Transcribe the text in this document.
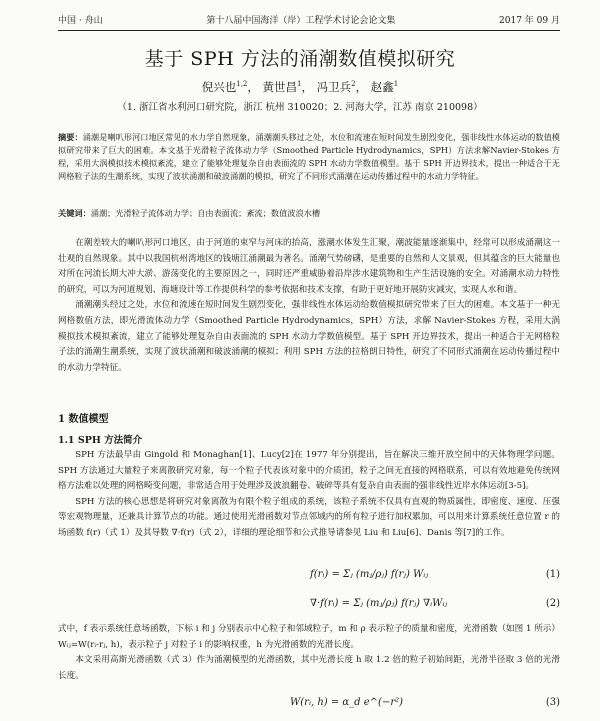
中国 · 舟山	第十八届中国海洋（岸）工程学术讨论会论文集	2017 年 09 月
基于 SPH 方法的涌潮数值模拟研究
倪兴也$^{1,2}$， 黄世昌$^1$， 冯卫兵$^2$， 赵鑫$^1$
（1. 浙江省水利河口研究院，浙江 杭州 310020；2. 河海大学，江苏 南京 210098）
摘要：涌潮是喇叭形河口地区常见的水力学自然现象，涌潮潮头移过之处，水位和流速在短时间发生剧烈变化，强非线性水体运动的数值模拟研究带来了巨大的困难。本文基于光滑粒子流体动力学（Smoothed Particle Hydrodynamics，SPH）方法求解Navier-Stokes 方程，采用大涡模拟技术模拟紊流，建立了能够处理复杂自由表面流的 SPH 水动力学数值模型。基于 SPH 开边界技术，提出一种适合于无网格粒子法的生潮系统，实现了波状涌潮和破波涌潮的模拟，研究了不同形式涌潮在运动传播过程中的水动力学特征。
关键词：涌潮；光滑粒子流体动力学；自由表面流；紊流；数值波浪水槽

在潮差较大的喇叭形河口地区，由于河道的束窄与河床的抬高，涨潮水体发生汇聚，潮波能量逐渐集中，经常可以形成涌潮这一壮观的自然现象。其中以我国杭州湾地区的钱塘江涌潮最为著名。涌潮气势磅礴，是重要的自然和人文景观，但其蕴含的巨大能量也对所在河流长期大冲大淤、游荡变化的主要原因之一，同时还严重威胁着沿岸涉水建筑物和生产生活设施的安全。对涌潮水动力特性的研究，可以为河道规划、海塘设计等工作提供科学的参考依据和技术支撑，有助于更好地开展防灾减灾，实现人水和谐。

涌潮潮头经过之处，水位和流速在短时间发生剧烈变化，强非线性水体运动给数值模拟研究带来了巨大的困难。本文基于一种无网格数值方法，即光滑流体动力学（Smoothed Particle Hydrodynamics，SPH）方法，求解 Navier-Stokes 方程，采用大涡模拟技术模拟紊流，建立了能够处理复杂自由表面流的 SPH 水动力学数值模型。基于 SPH 开边界技术，提出一种适合于无网格粒子法的涌潮生潮系统，实现了波状涌潮和破波涌潮的模拟；利用 SPH 方法的拉格朗日特性，研究了不同形式涌潮在运动传播过程中的水动力学特征。

1 数值模型
1.1 SPH 方法简介

SPH 方法最早由 Gingold 和 Monaghan[1]、Lucy[2]在 1977 年分别提出，旨在解决三维开放空间中的天体物理学问题。SPH 方法通过大量粒子来离散研究对象，每一个粒子代表该对象中的介质团，粒子之间无直接的网格联系，可以有效地避免传统网格方法难以处理的网格畸变问题，非常适合用于处理涉及波浪翻卷、破碎等具有复杂自由表面的强非线性近岸水体运动[3-5]。

SPH 方法的核心思想是将研究对象离散为有限个粒子组成的系统，该粒子系统不仅具有直观的物质属性，即密度、速度、压强等宏观物理量，还兼具计算节点的功能。通过使用光滑函数对节点邻域内的所有粒子进行加权累加，可以用来计算系统任意位置 r 的场函数 f(r)（式 1）及其导数 ∇·f(r)（式 2），详细的理论细节和公式推导请参见 Liu 和 Liu[6]、Danis 等[7]的工作。

f(rᵢ) = Σⱼ (mⱼ/ρⱼ) f(rⱼ) Wᵢⱼ	(1)
∇·f(rᵢ) = Σⱼ (mⱼ/ρⱼ) f(rⱼ) ∇ᵢWᵢⱼ	(2)

式中，f 表示系统任意场函数，下标 i 和 j 分别表示中心粒子和邻域粒子，m 和 ρ 表示粒子的质量和密度，光滑函数（如图 1 所示）Wᵢⱼ=W(rᵢ-rⱼ, h)，表示粒子 j 对粒子 i 的影响权重，h 为光滑函数的光滑长度。

本文采用高斯光滑函数（式 3）作为涌潮模型的光滑函数，其中光滑长度 h 取 1.2 倍的粒子初始间距，光滑半径取 3 倍的光滑长度。

W(rᵢ, h) = α_d e^(−r²)	(3)
